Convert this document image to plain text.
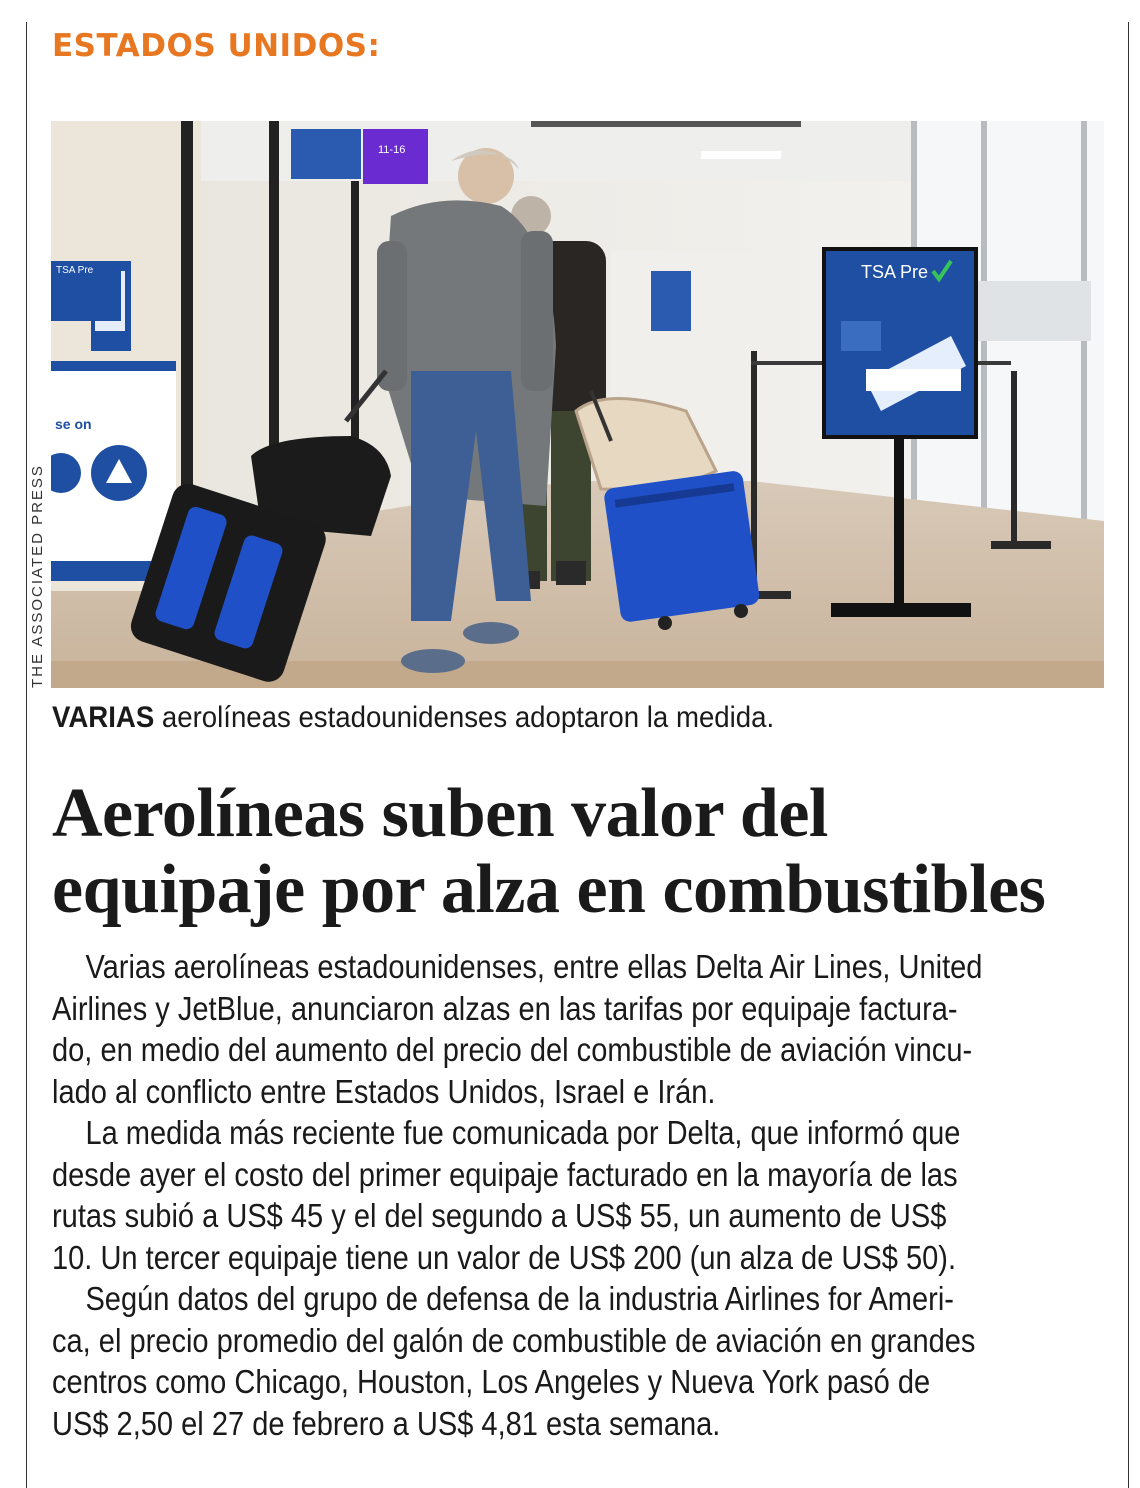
ESTADOS UNIDOS:
se on
TSA Pre
11-16
TSA Pre
THE ASSOCIATED PRESS
VARIAS aerolíneas estadounidenses adoptaron la medida.
Aerolíneas suben valor del
equipaje por alza en combustibles
Varias aerolíneas estadounidenses, entre ellas Delta Air Lines, United
Airlines y JetBlue, anunciaron alzas en las tarifas por equipaje factura-
do, en medio del aumento del precio del combustible de aviación vincu-
lado al conflicto entre Estados Unidos, Israel e Irán.
La medida más reciente fue comunicada por Delta, que informó que
desde ayer el costo del primer equipaje facturado en la mayoría de las
rutas subió a US$ 45 y el del segundo a US$ 55, un aumento de US$
10. Un tercer equipaje tiene un valor de US$ 200 (un alza de US$ 50).
Según datos del grupo de defensa de la industria Airlines for Ameri-
ca, el precio promedio del galón de combustible de aviación en grandes
centros como Chicago, Houston, Los Angeles y Nueva York pasó de
US$ 2,50 el 27 de febrero a US$ 4,81 esta semana.
